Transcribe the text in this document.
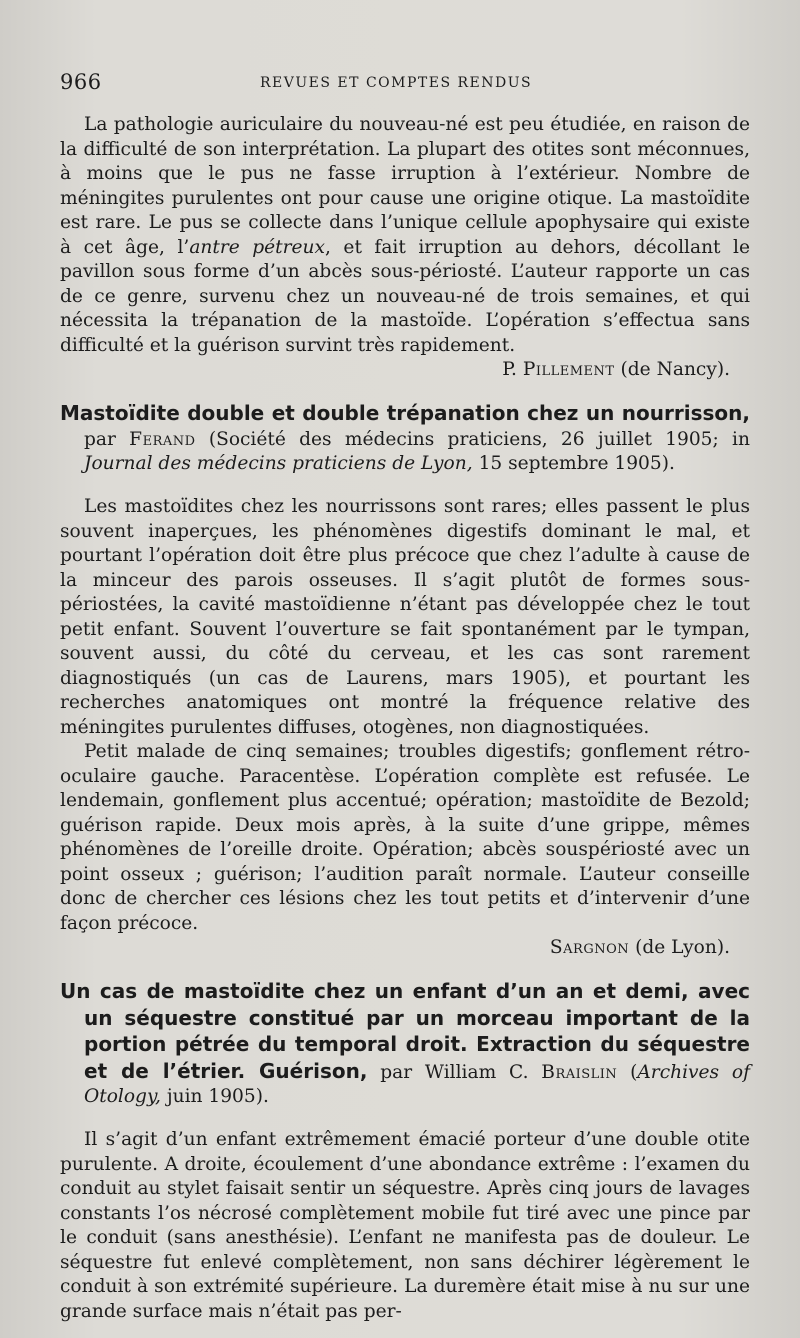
966	REVUES ET COMPTES RENDUS

La pathologie auriculaire du nouveau-né est peu étudiée, en raison de la difficulté de son interprétation. La plupart des otites sont méconnues, à moins que le pus ne fasse irruption à l’extérieur. Nombre de méningites purulentes ont pour cause une origine otique. La mastoïdite est rare. Le pus se collecte dans l’unique cellule apophysaire qui existe à cet âge, l’antre pétreux, et fait irruption au dehors, décollant le pavillon sous forme d’un abcès sous-périosté. L’auteur rapporte un cas de ce genre, survenu chez un nouveau-né de trois semaines, et qui nécessita la trépanation de la mastoïde. L’opération s’effectua sans difficulté et la guérison survint très rapidement.

P. Pillement (de Nancy).

Mastoïdite double et double trépanation chez un nourrisson, par Ferand (Société des médecins praticiens, 26 juillet 1905; in Journal des médecins praticiens de Lyon, 15 septembre 1905).

Les mastoïdites chez les nourrissons sont rares; elles passent le plus souvent inaperçues, les phénomènes digestifs dominant le mal, et pourtant l’opération doit être plus précoce que chez l’adulte à cause de la minceur des parois osseuses. Il s’agit plutôt de formes sous-périostées, la cavité mastoïdienne n’étant pas développée chez le tout petit enfant. Souvent l’ouverture se fait spontanément par le tympan, souvent aussi, du côté du cerveau, et les cas sont rarement diagnostiqués (un cas de Laurens, mars 1905), et pourtant les recherches anatomiques ont montré la fréquence relative des méningites purulentes diffuses, otogènes, non diagnostiquées.

Petit malade de cinq semaines; troubles digestifs; gonflement rétro-oculaire gauche. Paracentèse. L’opération complète est refusée. Le lendemain, gonflement plus accentué; opération; mastoïdite de Bezold; guérison rapide. Deux mois après, à la suite d’une grippe, mêmes phénomènes de l’oreille droite. Opération; abcès souspériosté avec un point osseux ; guérison; l’audition paraît normale. L’auteur conseille donc de chercher ces lésions chez les tout petits et d’intervenir d’une façon précoce.

Sargnon (de Lyon).

Un cas de mastoïdite chez un enfant d’un an et demi, avec un séquestre constitué par un morceau important de la portion pétrée du temporal droit. Extraction du séquestre et de l’étrier. Guérison, par William C. Braislin (Archives of Otology, juin 1905).

Il s’agit d’un enfant extrêmement émacié porteur d’une double otite purulente. A droite, écoulement d’une abondance extrême : l’examen du conduit au stylet faisait sentir un séquestre. Après cinq jours de lavages constants l’os nécrosé complètement mobile fut tiré avec une pince par le conduit (sans anesthésie). L’enfant ne manifesta pas de douleur. Le séquestre fut enlevé complètement, non sans déchirer légèrement le conduit à son extrémité supérieure. La duremère était mise à nu sur une grande surface mais n’était pas per-
